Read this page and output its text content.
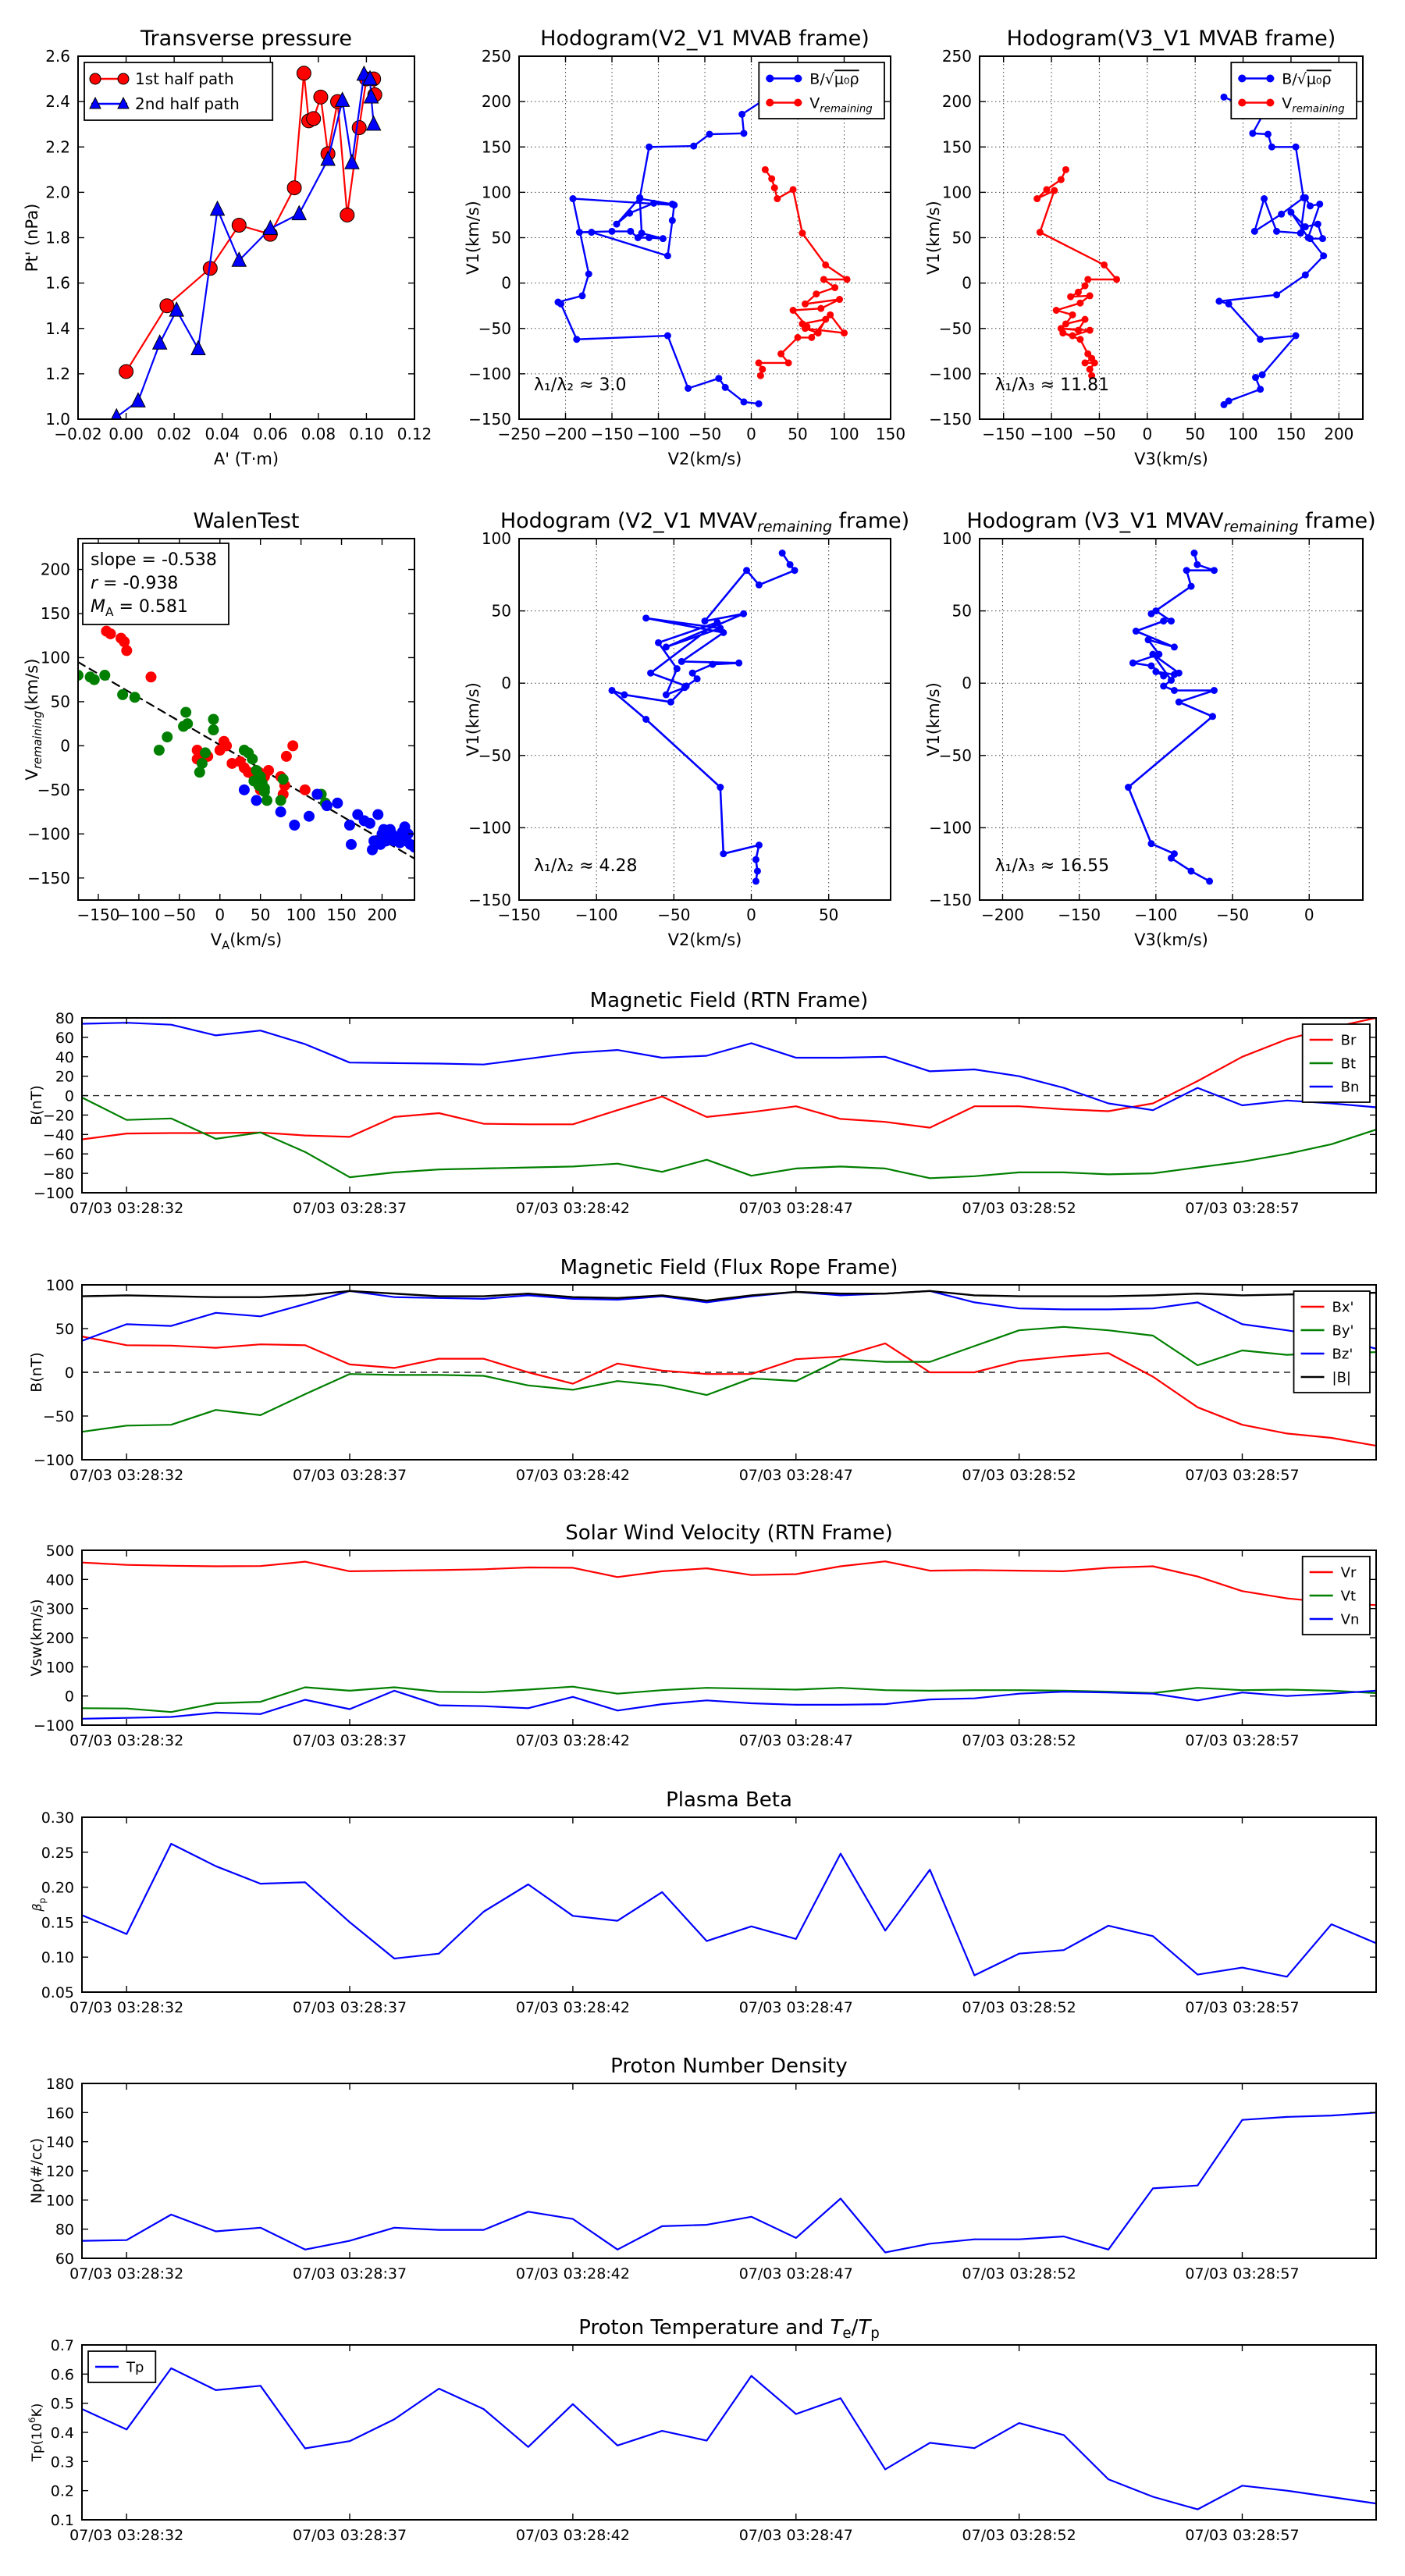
−0.02 0.00 0.02 0.04 0.06 0.08 0.10 0.12
1.0
1.2
1.4
1.6
1.8
2.0
2.2
2.4
2.6
Transverse pressure
A' (T·m)
Pt' (nPa)
1st half path
2nd half path
−250 −200 −150 −100 −50 0 50 100 150
−150
−100
−50
0
50
100
150
200
250
Hodogram(V2_V1 MVAB frame)
V2(km/s)
V1(km/s)
λ₁/λ₂ ≈ 3.0
B/√μ₀ρ
$V_{remaining}$
−150 −100 −50 0 50 100 150 200
−150
−100
−50
0
50
100
150
200
250
Hodogram(V3_V1 MVAB frame)
V3(km/s)
V1(km/s)
λ₁/λ₃ ≈ 11.81
B/√μ₀ρ
$V_{remaining}$
−150
−100 −50 0 50 100 150 200
−150
−100
−50
0
50
100
150
200
WalenTest
$V_A(km/s)$
$V_{remaining}(km/s)$
slope = -0.538
r = -0.938
$M_A = 0.581$
−150 −100	−50	0	50
−150
−100
−50
0
50
100
Hodogram (V2_V1 MVAVremaining frame)
V2(km/s)
V1(km/s)
λ₁/λ₂ ≈ 4.28
−200 −150 −100 −50	0
−150
−100
−50
0
50
100
Hodogram (V3_V1 MVAVremaining frame)
V3(km/s)
V1(km/s)
λ₁/λ₃ ≈ 16.55
07/03 03:28:32	07/03 03:28:37	07/03 03:28:42	07/03 03:28:47	07/03 03:28:52	07/03 03:28:57
−100
−80
−60
−40
−20
0
20
40
60
80
Magnetic Field (RTN Frame)
B(nT)
Br
Bt
Bn
07/03 03:28:32	07/03 03:28:37	07/03 03:28:42	07/03 03:28:47	07/03 03:28:52	07/03 03:28:57
−100
−50
0
50
100
Magnetic Field (Flux Rope Frame)
B(nT)
Bx'
By'
Bz'
|B|
07/03 03:28:32	07/03 03:28:37	07/03 03:28:42	07/03 03:28:47	07/03 03:28:52	07/03 03:28:57
−100
0
100
200
300
400
500
Solar Wind Velocity (RTN Frame)
Vsw(km/s)
Vr
Vt
Vn
07/03 03:28:32	07/03 03:28:37	07/03 03:28:42	07/03 03:28:47	07/03 03:28:52	07/03 03:28:57
0.05
0.10
0.15
0.20
0.25
0.30
Plasma Beta
$\beta_p$
07/03 03:28:32	07/03 03:28:37	07/03 03:28:42	07/03 03:28:47	07/03 03:28:52	07/03 03:28:57
60
80
100
120
140
160
180
Proton Number Density
Np(#/cc)
07/03 03:28:32	07/03 03:28:37	07/03 03:28:42	07/03 03:28:47	07/03 03:28:52	07/03 03:28:57
0.1
0.2
0.3
0.4
0.5
0.6
0.7
Proton Temperature and Te/Tp
$Tp(10^6K)$
Tp
